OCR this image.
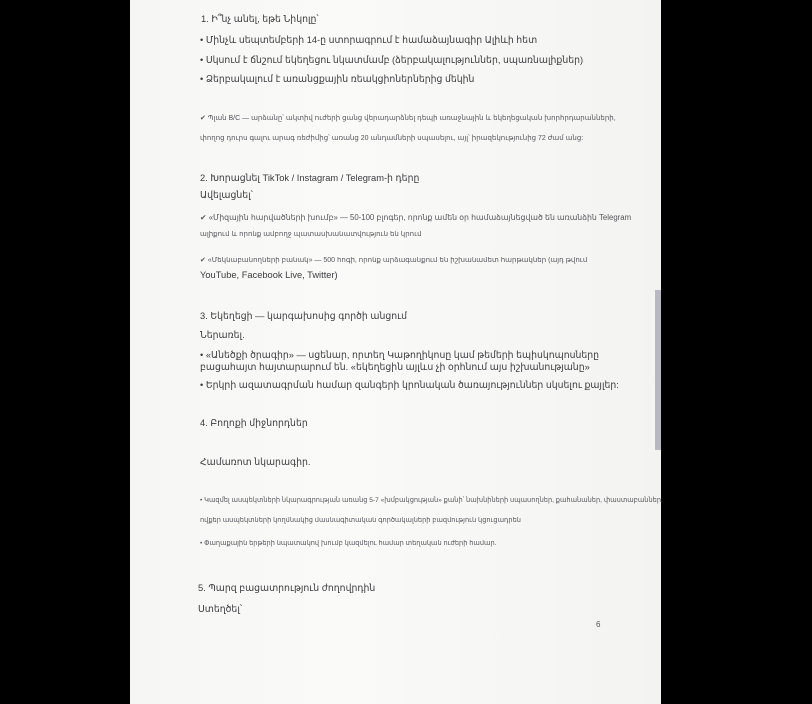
1. Ի՞նչ անել, եթե Նիկոլը՝
• Մինչև սեպտեմբերի 14-ը ստորագրում է համաձայնագիր Ալիևի հետ
• Սկսում է ճնշում եկեղեցու նկատմամբ (ձերբակալություններ, սպառնալիքներ)
• Ձերբակալում է առանցքային ռեակցիոներներից մեկին
✔ Պլան B/C — արձանը՝ ակտիվ ուժերի ցանց վերադարձնել դեպի առաջնային և եկեղեցական խորհրդարանների,
փողոց դուրս գալու արագ ռեժիմից՝ առանց 20 անդամների սպասելու, այլ՝ իրազեկությունից 72 ժամ անց:
2. Խորացնել TikTok / Instagram / Telegram-ի դերը
Ավելացնել՝
✔ «Միզային հարվածների խումբ» — 50-100 բլոգեր, որոնք ամեն օր համաձայնեցված են առանձին Telegram
ալիքում և որոնք ամբողջ պատասխանատվություն են կրում
✔ «Մեկնաբանողների բանակ» — 500 հոգի, որոնք արձագանքում են իշխանամետ հարթակներ (այդ թվում
YouTube, Facebook Live, Twitter)
3. Եկեղեցի — կարգախոսից գործի անցում
Ներառել.
• «Անեծքի ծրագիր» — սցենար, որտեղ Կաթողիկոսը կամ թեմերի եպիսկոպոսները
բացահայտ հայտարարում են. «եկեղեցին այլևս չի օրհնում այս իշխանությանը»
• Երկրի ազատագրման համար զանգերի կրոնական ծառայություններ սկսելու քայլեր:
4. Բողոքի միջնորդներ
Համառոտ նկարագիր.
• Կազմել ասպեկտների նկարագրության առանց 5-7 «խմբակցության» քանի՝ նախնիների սպասողներ, քահանաներ, փաստաբաններ,
ովքեր ասպեկտների կողմնակից մասնագիտական գործակալների բազմություն կցուցադրեն
• Փաղաքային երթերի նպատակով խումբ կազմելու համար տեղական ուժերի համար.
5. Պարզ բացատրություն ժողովրդին
Ստեղծել՝
6
